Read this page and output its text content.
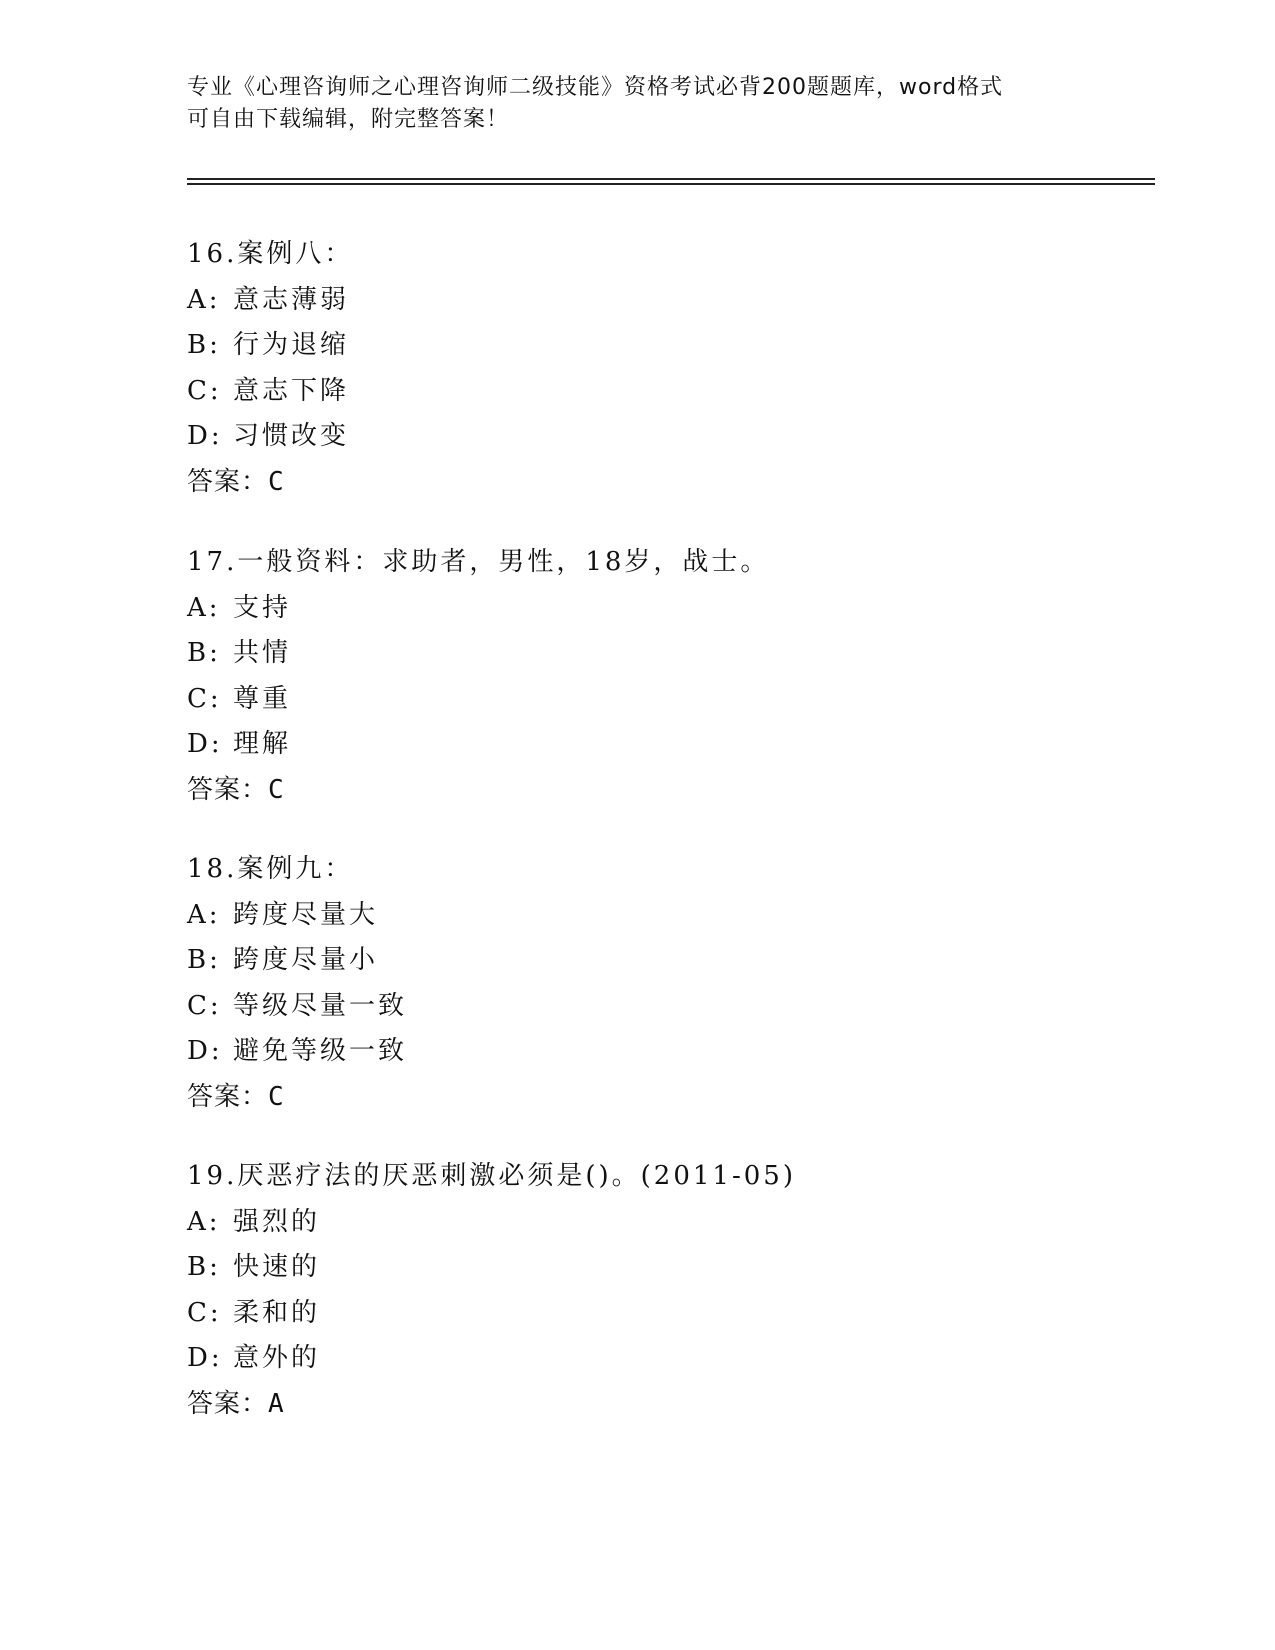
专业《心理咨询师之心理咨询师二级技能》资格考试必背200题题库，word格式
可自由下载编辑，附完整答案！
16.案例八：
A: 意志薄弱
B: 行为退缩
C: 意志下降
D: 习惯改变
答案：C
17.一般资料：求助者，男性，18岁，战士。
A: 支持
B: 共情
C: 尊重
D: 理解
答案：C
18.案例九：
A: 跨度尽量大
B: 跨度尽量小
C: 等级尽量一致
D: 避免等级一致
答案：C
19.厌恶疗法的厌恶刺激必须是()。(2011-05)
A: 强烈的
B: 快速的
C: 柔和的
D: 意外的
答案：A
